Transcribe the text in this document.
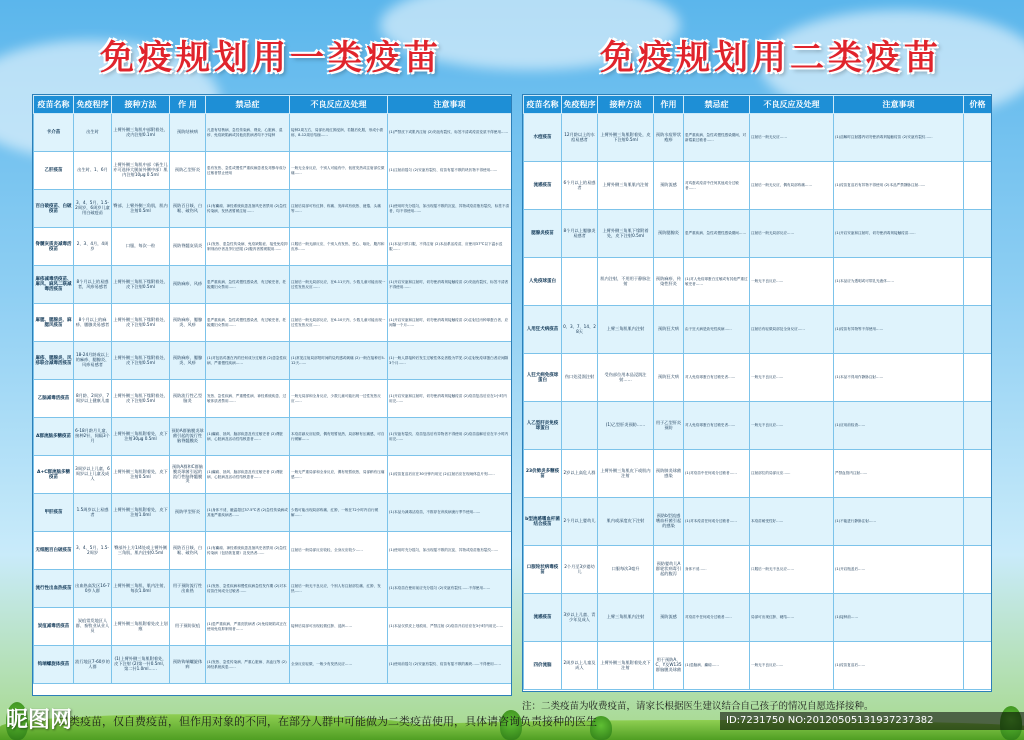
免疫规划用一类疫苗	免疫规划用二类疫苗
疫苗名称	免疫程序	接种方法	作 用	禁忌症	不良反应及处理	注意事项
卡介苗	出生时	上臂外侧三角肌中部附着处，皮内注射0.1ml	预防结核病	凡患有结核病、急性传染病、肾炎、心脏病、湿疹、免疫缺陷病或其他皮肤病者均不予接种	接种2周左右，局部出现红肿浸润，若随后化脓，形成小溃疡，8-12周后结痂……	(1)严禁皮下或肌内注射 (2)安瓿有裂纹、标签不清或疫苗变质不得使用……
乙肝疫苗	出生时、1、6月	上臂外侧三角肌中部（新生儿亦可选择大腿前外侧中部）肌内注射10μg 0.5ml	预防乙型肝炎	患有发热、急性或慢性严重疾病患者及对酵母成分过敏者禁止使用	一般无全身反应，个别人可能有中、低度发热或注射部位微痛……	(1)注射前摇匀 (2)安瓿有裂纹、疫苗有摇不散的块状物不得使用……
百白破疫苗、白破疫苗	3、4、5月、1.5-2周岁，6周岁儿童用白破疫苗	臀部、上臂外侧三角肌，肌内注射0.5ml	预防百日咳、白喉、破伤风	(1)有癫痫、神经系统疾患及抽风史者禁用 (2)急性传染病、发热者暂缓注射……	注射后局部可有红肿、疼痛、发痒或有低热、疲倦、头痛等……	(1)使用时充分摇匀，如出现摇不散的沉淀、异物或疫苗瓶有裂纹，标签不清者，均不得使用……
脊髓灰质炎减毒活疫苗	2、3、4月，4周岁	口服，每次一粒	预防脊髓灰质炎	(1)发热、患急性传染病、免疫缺陷症、接受免疫抑制剂治疗者及孕妇忌服 (2)腹泻者暂缓服用……	口服后一般无副反应，个别人有发热、恶心、呕吐、腹泻和皮疹……	(1)本品只供口服，不得注射 (2)本品系活疫苗，应使用37℃以下温水送服……
麻疹减毒活疫苗、麻风、麻风二联减毒活疫苗	8个月以上的易感者，风疹易感者	上臂外侧三角肌下缘附着处，皮下注射0.5ml	预防麻疹、风疹	患严重疾病、急性或慢性感染者，有过敏史者，妊娠期妇女禁用……	注射后一般无局部反应，在6-11天内，少数儿童可能出现一过性发热反应……	(1)开启安瓿和注射时，切勿使消毒剂接触疫苗 (2)安瓿有裂纹、标签不清者不得使用……
麻腮、腮腺炎、麻腮风疫苗	8个月以上的麻疹、腮腺炎易感者	上臂外侧三角肌下缘附着处，皮下注射0.5ml	预防麻疹、腮腺炎、风疹	患严重疾病、急性或慢性感染者，有过敏史者，妊娠期妇女禁用……	注射后一般无局部反应，在6-10天内，少数儿童可能出现一过性发热反应……	(1)开启安瓿和注射时，切勿使消毒剂接触疫苗 (2)注射过丙种球蛋白者，应间隔一个月……
麻疹、腮腺炎、风疹联合减毒活疫苗	18-24月龄或以上的麻疹、腮腺炎、风疹易感者	上臂外侧三角肌下缘附着处，皮下注射0.5ml	预防麻疹、腮腺炎、风疹	(1)对包括鸡蛋在内的任何成分过敏者 (2)患急性疾病、严重慢性疾病……	(1)常见注射局部短时间的烧灼感或刺痛 (2)一般在接种后5-12天……	(1)一般人群接种后发生过敏性休克者极为罕见 (2)注射免疫球蛋白者应间隔3个月……
乙脑减毒活疫苗	8月龄、2周岁，7周岁以上健康儿童	上臂外侧三角肌下缘附着处，皮下注射0.5ml	预防流行性乙型脑炎	发热、急性疾病、严重慢性病、神经系统疾患、过敏体质者禁用……	一般无局部和全身反应，少数儿童可能出现一过性发热反应……	(1)开启安瓿和注射时，切勿使消毒剂接触疫苗 (2)疫苗复溶后应在1小时内用完……
A群流脑多糖疫苗	6-18月龄月儿童、接种2针，间隔3个月	上臂外侧三角肌附着处，皮下注射30μg 0.5ml	预防A群脑膜炎球菌引起的流行性脑脊髓膜炎	(1)癫痫、抽风、脑部疾患及有过敏史者 (2)肾脏病、心脏病及活动性结核患者……	本疫苗副反应轻微，偶有短暂低热，局部稍有压痛感，可自行缓解……	(1)安瓿有裂纹、疫苗复溶后有异物者不得使用 (2)疫苗溶解后应在半小时内用完……
A+C群流脑多糖疫苗	3周岁以上儿童，6周岁以上儿童及成人	上臂外侧三角肌附着处，皮下注射0.5ml	预防A群和C群脑膜炎球菌引起的流行性脑脊髓膜炎	(1)癫痫、抽风、脑部疾患及有过敏史者 (2)肾脏病、心脏病及活动性结核患者……	一般无严重局部和全身反应，偶有短暂低热，局部稍有压痛感……	(1)疫苗复溶后应在30分钟内用完 (2)注射后应在现场休息片刻……
甲肝疫苗	1.5周岁以上易感者	上臂外侧三角肌附着处，皮下注射1.0ml	预防甲型肝炎	(1)身体不适、腋温超过37.5℃者 (2)急性传染病或其他严重疾病者……	少数可能出现局部疼痛、红肿，一般在72小时内自行缓解……	(1)本品为减毒活疫苗，不推荐在该疾病流行季节使用……
无细胞百白破疫苗	3、4、5月、1.5-2周岁	臀部外上方1/4处或上臂外侧三角肌，肌内注射0.5ml	预防百日咳、白喉、破伤风	(1)有癫痫、神经系统疾患及抽风史者禁用 (2)急性传染病（包括恢复期）及发热者……	注射后一般局部反应较轻，全身反应较少……	(1)使用时充分摇匀，如出现摇不散的沉淀、异物或疫苗瓶有裂纹……
流行性出血热疫苗	出血热高发区16-70岁人群	上臂外侧三角肌，肌内注射，每次1.0ml	用于预防流行性出血热	(1)发热、急性疾病和慢性疾病急性发作期 (2)对本疫苗任何成分过敏者……	注射后一般无不良反应，个别人有注射部位痛、红肿、发热……	(1)本疫苗在使用前应充分摇匀 (2)安瓿有裂纹……不得使用……
炭疽减毒活疫苗	炭疽常发地区人群、畜牧业从业人员	上臂外侧三角肌附着处皮上划痕	用于预防炭疽	(1)患严重疾病、严重皮肤病者 (2)免疫缺陷或正在使用免疫抑制剂者……	接种后局部可出现轻微红肿、浸润……	(1)本品仅供皮上划痕用，严禁注射 (2)疫苗开启后应在3小时内用完……
钩端螺旋体疫苗	流行地区7-60岁的人群	(1)上臂外侧三角肌附着处，皮下注射 (2)第一针0.5ml，第二针1.0ml……	预防钩端螺旋体病	(1)发热、急性传染病、严重心脏病、高血压等 (2)神经系统疾患……	全身反应轻微，一般少有发热反应……	(1)使用前摇匀 (2)安瓿有裂纹、疫苗有摇不散的凝块……不得使用……
疫苗名称	免疫程序	接种方法	作用	禁忌症	不良反应及处理	注意事项	价格
水痘疫苗	12月龄以上的水痘易感者	上臂外侧三角肌附着处，皮下注射0.5ml	预防水痘带状疱疹	患严重疾病、急性或慢性感染期间，对新霉素过敏者……	注射后一般无反应……	(1)溶解时注射器内切勿使消毒剂接触疫苗 (2)安瓿有裂纹……	
流感疫苗	6个月以上的易感者	上臂外侧三角肌肌内注射	预防流感	对鸡蛋或疫苗中任何其他成分过敏者……	注射后一般无反应，偶有局部疼痛……	(1)疫苗复溶后有异物不得使用 (2)本品严禁静脉注射……	
腮腺炎疫苗	8个月以上腮腺炎易感者	上臂外侧三角肌下缘附着处，皮下注射0.5ml	预防腮腺炎	患严重疾病、急性或慢性感染期间……	注射后一般无局部反应……	(1)开启安瓿和注射时，切勿使消毒剂接触疫苗……	
人免疫球蛋白		肌内注射，不用用于静脉注射	预防麻疹、传染性肝炎	(1)对人免疫球蛋白过敏或有其他严重过敏史者……	一般无不良反应……	(1)本品应为透明或可带乳光液体……	
人用狂犬病疫苗	0、3、7、14、28天	上臂三角肌肌内注射	预防狂犬病	由于狂犬病是致死性疾病……	注射后有轻微局部及全身反应……	(1)疫苗有异物等不得使用……	
人狂犬病免疫球蛋白	伤口处浸润注射	受伤部位用本品浸润注射……	预防狂犬病	对人免疫球蛋白有过敏史者……	一般无不良反应……	(1)本品不得用作静脉注射……	
人乙型肝炎免疫球蛋白		(1)乙型肝炎预防……	用于乙型肝炎预防	对人免疫球蛋白有过敏史者……	一般无不良反应……	(1)应用前检查……	
23价肺炎多糖疫苗	2岁以上高危人群	上臂外侧三角肌皮下或肌内注射	预防肺炎球菌感染	(1)对疫苗中任何成分过敏者……	注射部位的局部反应……	严禁血管内注射……	
b型流感嗜血杆菌结合疫苗	2个月以上婴幼儿	肌内或深度皮下注射	预防b型流感嗜血杆菌引起的感染	(1)对本疫苗任何成分过敏者……	本疫苗耐受性好……	(1)不能进行静脉注射……	
口服轮状病毒疫苗	2个月至3岁婴幼儿	口服每次3毫升	预防婴幼儿A群轮状病毒引起的腹泻	身体不适……	口服后一般无不良反应……	(1)开启瓶盖后……	
流感疫苗	3岁以上儿童、青少年及成人	上臂三角肌肌内注射	预防流感	对疫苗中任何成分过敏者……	局部可出现红肿、硬结……	(1)接种前……	
四价流脑	2周岁以上儿童及成人	上臂外侧三角肌附着处皮下注射	用于预防A、C、Y及W135群脑膜炎球菌	(1)患脑病、癫痫……	一般无不良反应……	(1)疫苗复溶后……	
注：二类疫苗为收费疫苗，请家长根据医生建议结合自己孩子的情况自愿选择接种。
二类疫苗，仅自费疫苗，但作用对象的不同，在部分人群中可能做为二类疫苗使用，具体请咨询负责接种的医生
昵图网	ID:7231750 NO:20120505131937237382
